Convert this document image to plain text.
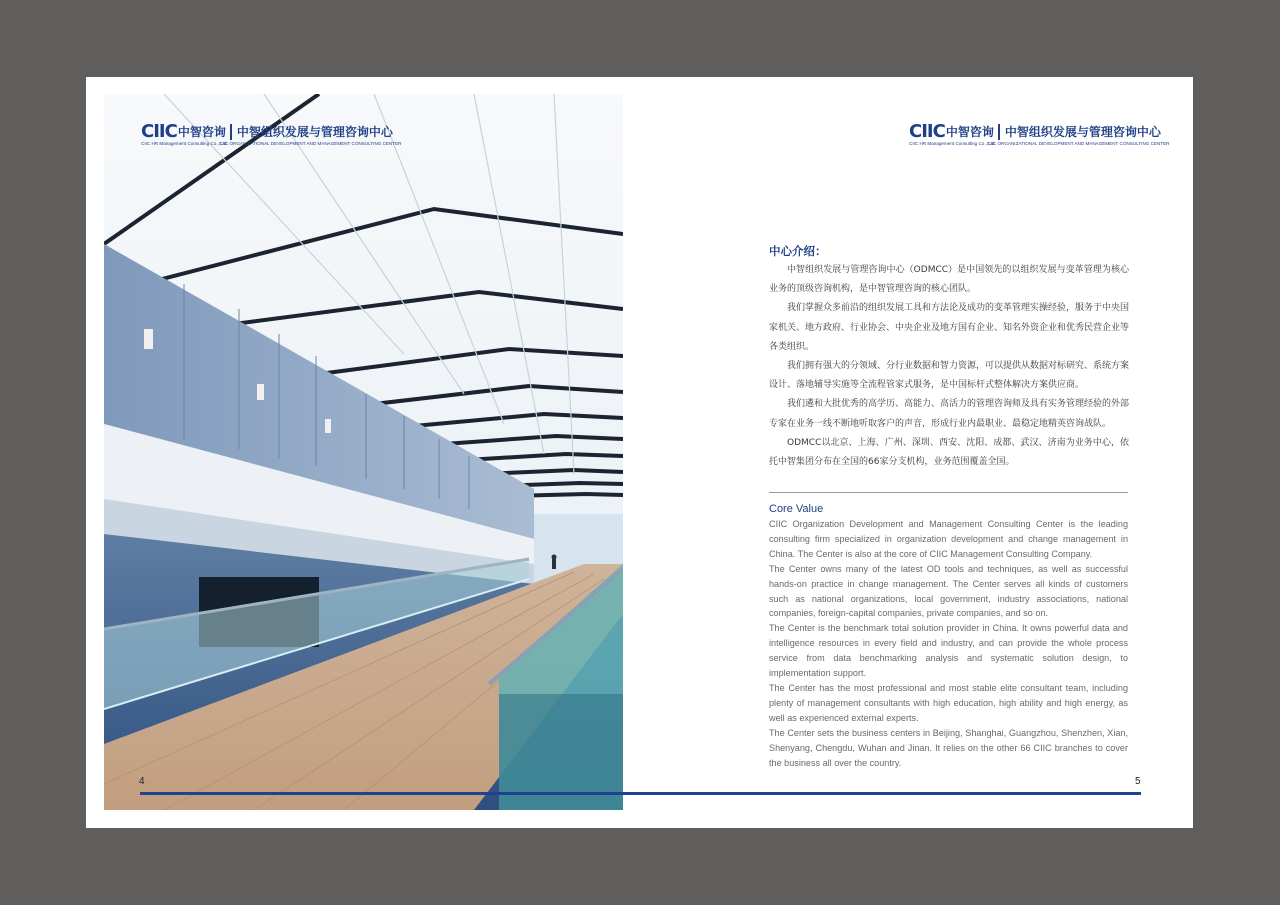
CIIC 中智咨询 中智组织发展与管理咨询中心
CIIC HR Management Consulting Co., Ltd.
CIIC ORGANIZATIONAL DEVELOPMENT AND MANAGEMENT CONSULTING CENTER
CIIC 中智咨询 中智组织发展与管理咨询中心
CIIC HR Management Consulting Co., Ltd.
CIIC ORGANIZATIONAL DEVELOPMENT AND MANAGEMENT CONSULTING CENTER
中心介绍：

中智组织发展与管理咨询中心（ODMCC）是中国领先的以组织发展与变革管理为核心业务的顶级咨询机构，是中智管理咨询的核心团队。

我们掌握众多前沿的组织发展工具和方法论及成功的变革管理实操经验，服务于中央国家机关、地方政府、行业协会、中央企业及地方国有企业、知名外资企业和优秀民营企业等各类组织。

我们拥有强大的分领域、分行业数据和智力资源，可以提供从数据对标研究、系统方案设计、落地辅导实施等全流程管家式服务，是中国标杆式整体解决方案供应商。

我们遴和大批优秀的高学历、高能力、高活力的管理咨询师及具有实务管理经验的外部专家在业务一线不断地听取客户的声音，形成行业内最职业、最稳定地精英咨询战队。

ODMCC以北京、上海、广州、深圳、西安、沈阳、成都、武汉、济南为业务中心，依托中智集团分布在全国的66家分支机构，业务范围覆盖全国。

Core Value

CIIC Organization Development and Management Consulting Center is the leading consulting firm specialized in organization development and change management in China. The Center is also at the core of CIIC Management Consulting Company.

The Center owns many of the latest OD tools and techniques, as well as successful hands-on practice in change management. The Center serves all kinds of customers such as national organizations, local government, industry associations, national companies, foreign-capital companies, private companies, and so on.

The Center is the benchmark total solution provider in China. It owns powerful data and intelligence resources in every field and industry, and can provide the whole process service from data benchmarking analysis and systematic solution design, to implementation support.

The Center has the most professional and most stable elite consultant team, including plenty of management consultants with high education, high ability and high energy, as well as experienced external experts.

The Center sets the business centers in Beijing, Shanghai, Guangzhou, Shenzhen, Xian, Shenyang, Chengdu, Wuhan and Jinan. It relies on the other 66 CIIC branches to cover the business all over the country.

4	5
